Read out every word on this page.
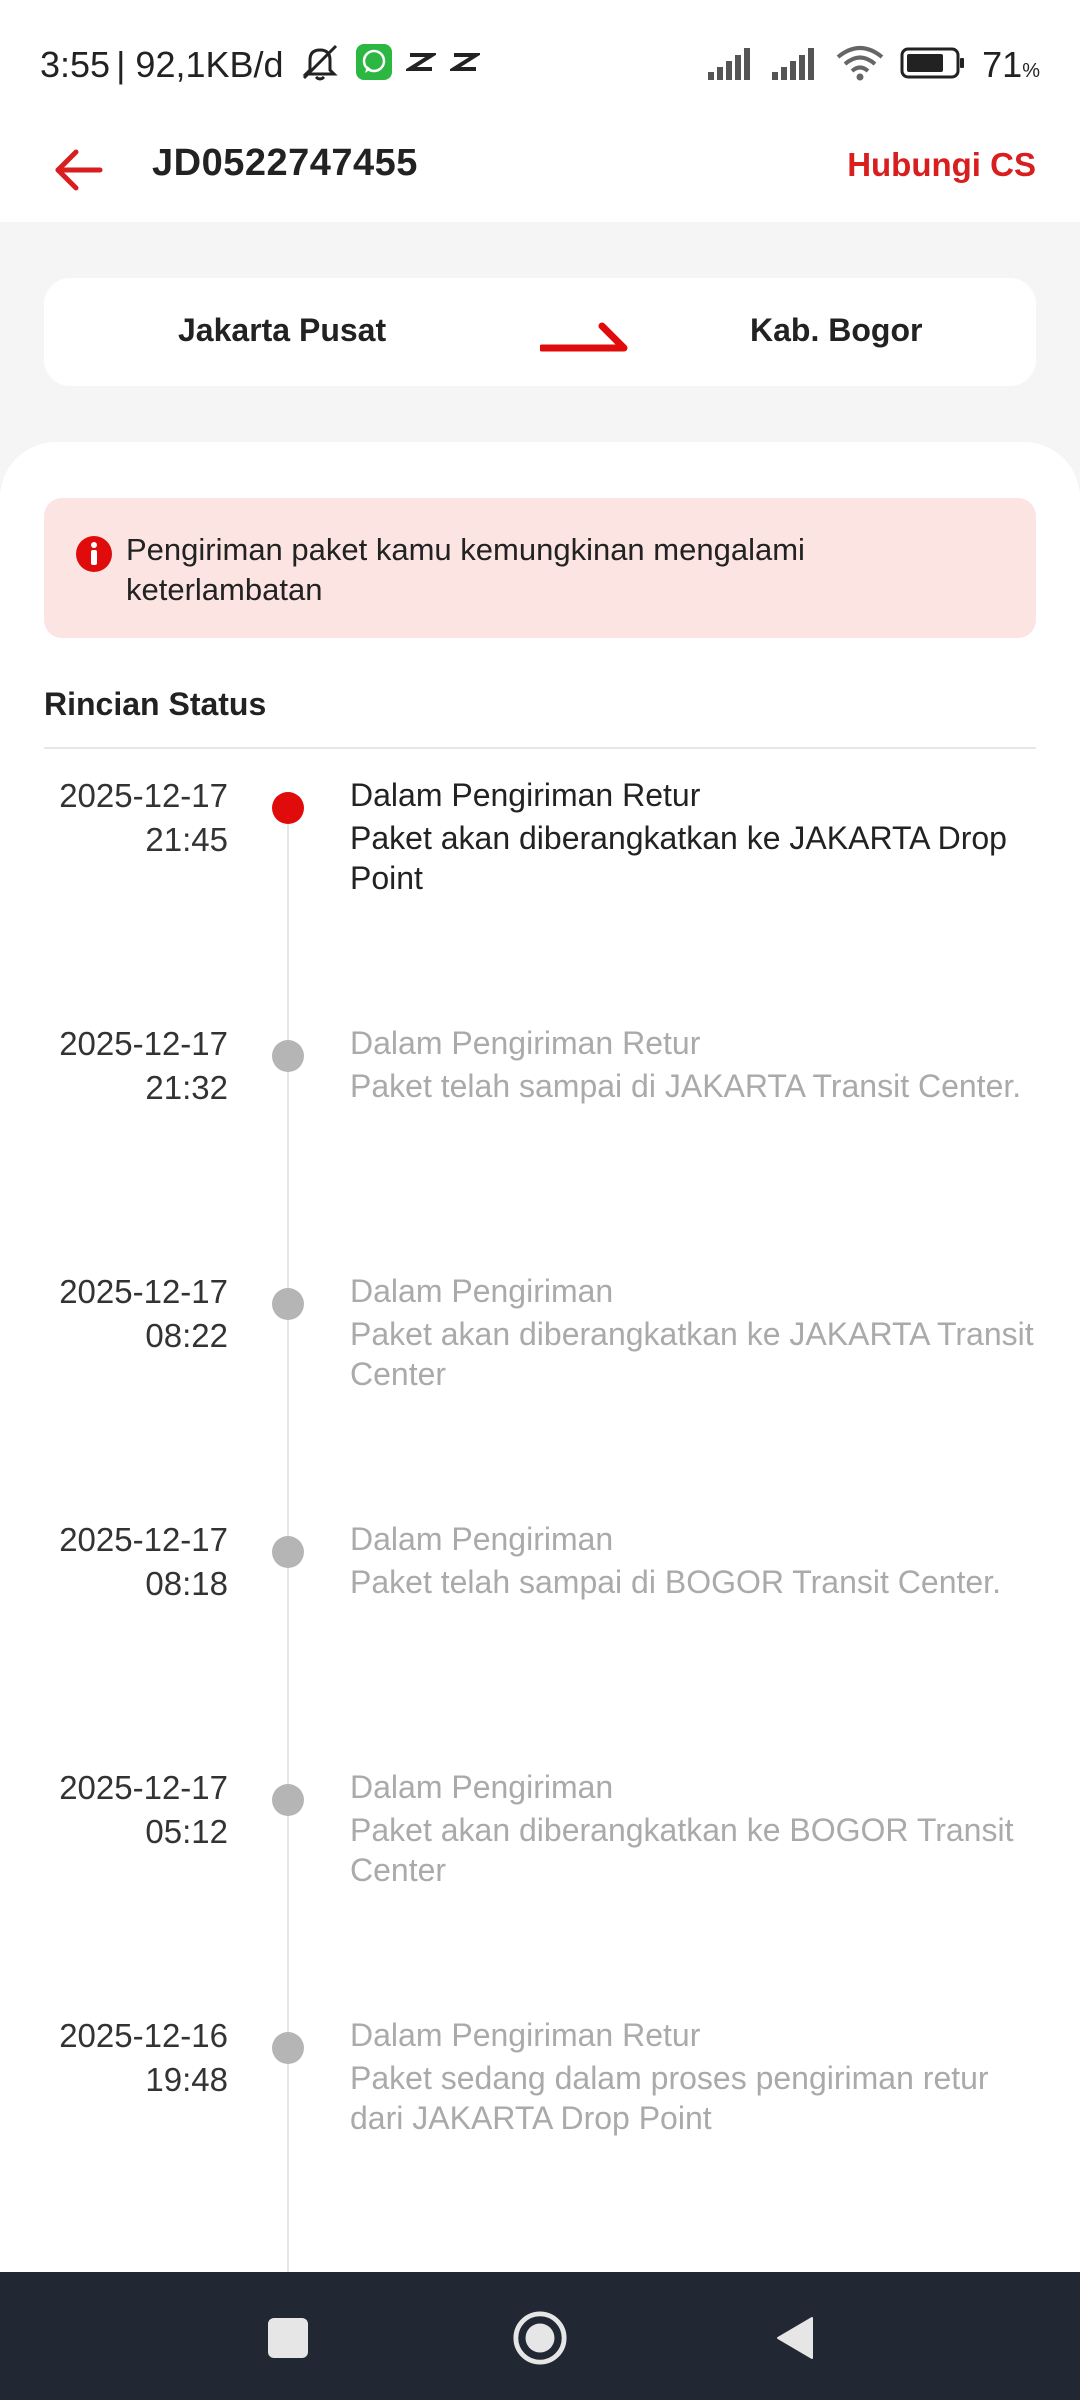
3:55 | 92,1KB/d	71%
JD0522747455	Hubungi CS
Jakarta Pusat	Kab. Bogor
Pengiriman paket kamu kemungkinan mengalami keterlambatan
Rincian Status
2025-12-17
21:45
Dalam Pengiriman Retur
Paket akan diberangkatkan ke JAKARTA Drop Point
2025-12-17
21:32
Dalam Pengiriman Retur
Paket telah sampai di JAKARTA Transit Center.
2025-12-17
08:22
Dalam Pengiriman
Paket akan diberangkatkan ke JAKARTA Transit Center
2025-12-17
08:18
Dalam Pengiriman
Paket telah sampai di BOGOR Transit Center.
2025-12-17
05:12
Dalam Pengiriman
Paket akan diberangkatkan ke BOGOR Transit Center
2025-12-16
19:48
Dalam Pengiriman Retur
Paket sedang dalam proses pengiriman retur dari JAKARTA Drop Point
